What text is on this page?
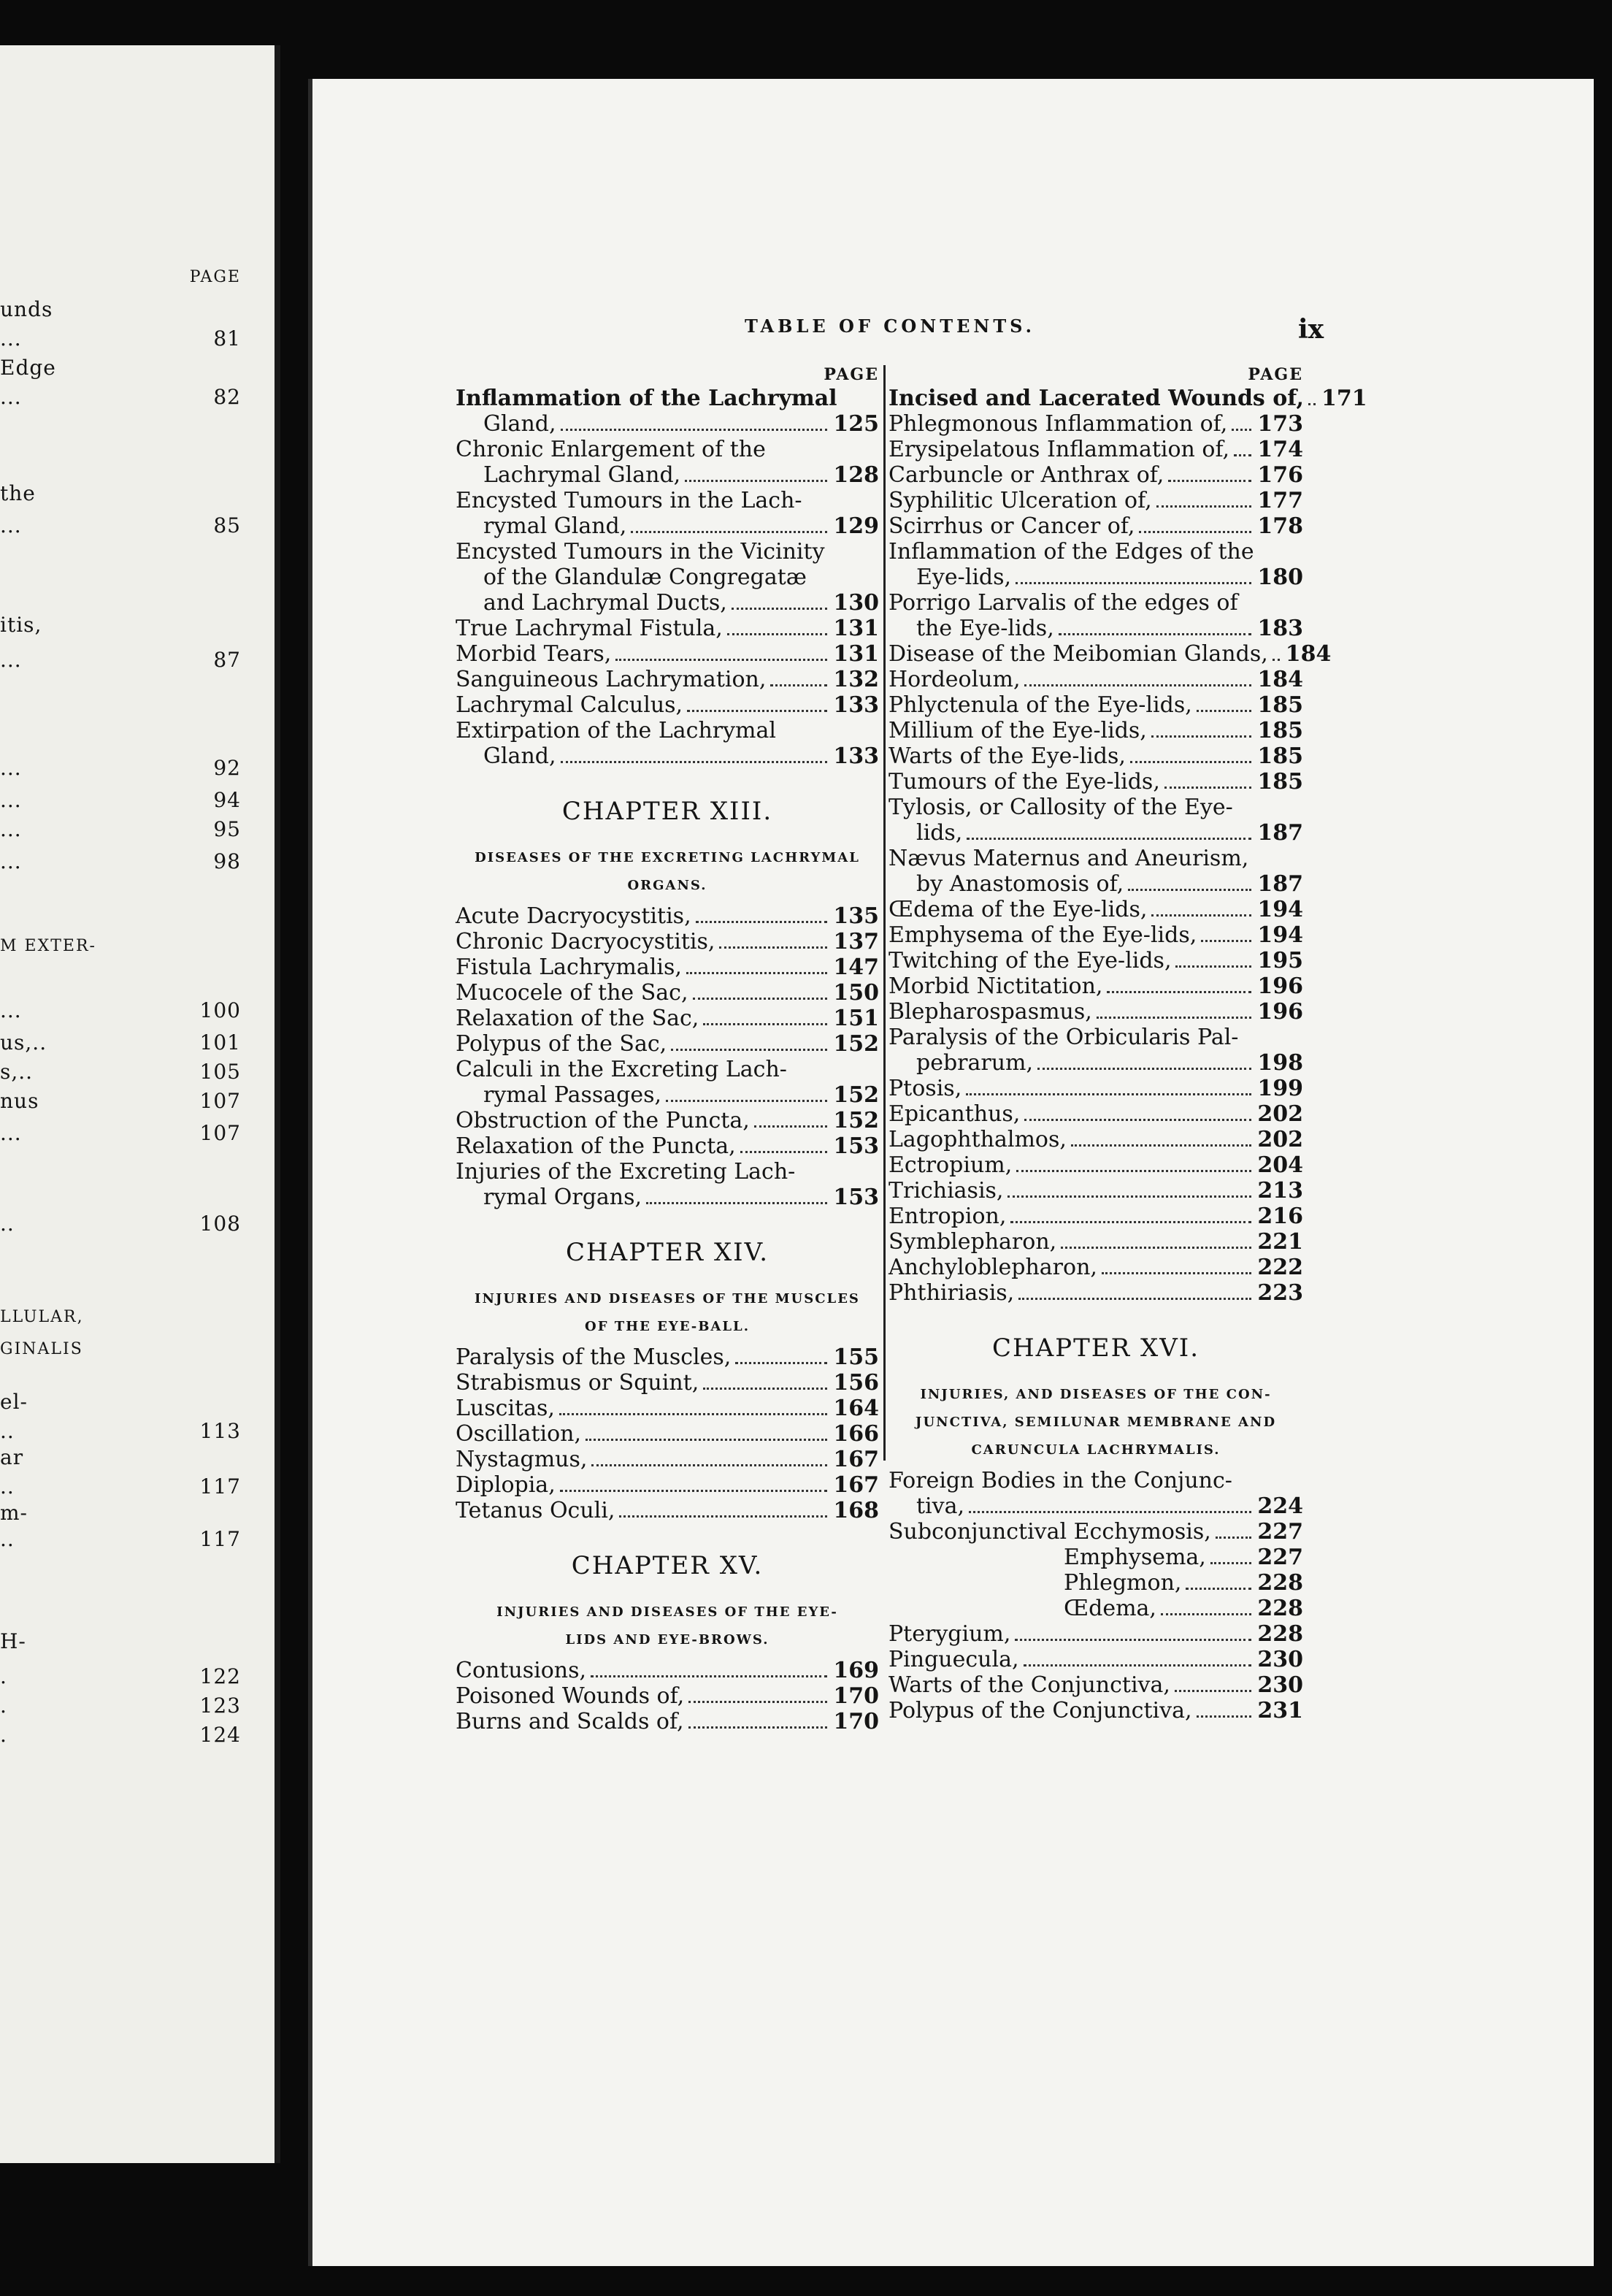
PAGE
unds
...	81
Edge
...	82
the
...	85
itis,
...	87
...	92
...	94
...	95
...	98
M EXTER-
...	100
us,..	101
s,..	105
nus	107
...	107
..	108
LLULAR,
GINALIS
el-
..	113
ar
..	117
m-
..	117
H-
.	122
.	123
.	124
TABLE OF CONTENTS.	ix
PAGE
Inflammation of the Lachrymal
Gland,	125
Chronic Enlargement of the
Lachrymal Gland,	128
Encysted Tumours in the Lach-
rymal Gland,	129
Encysted Tumours in the Vicinity
of the Glandulæ Congregatæ
and Lachrymal Ducts,	130
True Lachrymal Fistula,	131
Morbid Tears,	131
Sanguineous Lachrymation,	132
Lachrymal Calculus,	133
Extirpation of the Lachrymal
Gland,	133
CHAPTER XIII.
DISEASES OF THE EXCRETING LACHRYMAL
ORGANS.
Acute Dacryocystitis,	135
Chronic Dacryocystitis,	137
Fistula Lachrymalis,	147
Mucocele of the Sac,	150
Relaxation of the Sac,	151
Polypus of the Sac,	152
Calculi in the Excreting Lach-
rymal Passages,	152
Obstruction of the Puncta,	152
Relaxation of the Puncta,	153
Injuries of the Excreting Lach-
rymal Organs,	153
CHAPTER XIV.
INJURIES AND DISEASES OF THE MUSCLES
OF THE EYE-BALL.
Paralysis of the Muscles,	155
Strabismus or Squint,	156
Luscitas,	164
Oscillation,	166
Nystagmus,	167
Diplopia,	167
Tetanus Oculi,	168
CHAPTER XV.
INJURIES AND DISEASES OF THE EYE-
LIDS AND EYE-BROWS.
Contusions,	169
Poisoned Wounds of,	170
Burns and Scalds of,	170
PAGE
Incised and Lacerated Wounds of, 171
Phlegmonous Inflammation of, 173
Erysipelatous Inflammation of, 174
Carbuncle or Anthrax of,	176
Syphilitic Ulceration of,	177
Scirrhus or Cancer of,	178
Inflammation of the Edges of the
Eye-lids,	180
Porrigo Larvalis of the edges of
the Eye-lids,	183
Disease of the Meibomian Glands, 184
Hordeolum,	184
Phlyctenula of the Eye-lids,	185
Millium of the Eye-lids,	185
Warts of the Eye-lids,	185
Tumours of the Eye-lids,	185
Tylosis, or Callosity of the Eye-
lids,	187
Nævus Maternus and Aneurism,
by Anastomosis of,	187
Œdema of the Eye-lids,	194
Emphysema of the Eye-lids,	194
Twitching of the Eye-lids,	195
Morbid Nictitation,	196
Blepharospasmus,	196
Paralysis of the Orbicularis Pal-
pebrarum,	198
Ptosis,	199
Epicanthus,	202
Lagophthalmos,	202
Ectropium,	204
Trichiasis,	213
Entropion,	216
Symblepharon,	221
Anchyloblepharon,	222
Phthiriasis,	223
CHAPTER XVI.
INJURIES, AND DISEASES OF THE CON-
JUNCTIVA, SEMILUNAR MEMBRANE AND
CARUNCULA LACHRYMALIS.
Foreign Bodies in the Conjunc-
tiva,	224
Subconjunctival Ecchymosis, 227
Emphysema, 227
Phlegmon,	228
Œdema,	228
Pterygium,	228
Pinguecula,	230
Warts of the Conjunctiva,	230
Polypus of the Conjunctiva,	231
